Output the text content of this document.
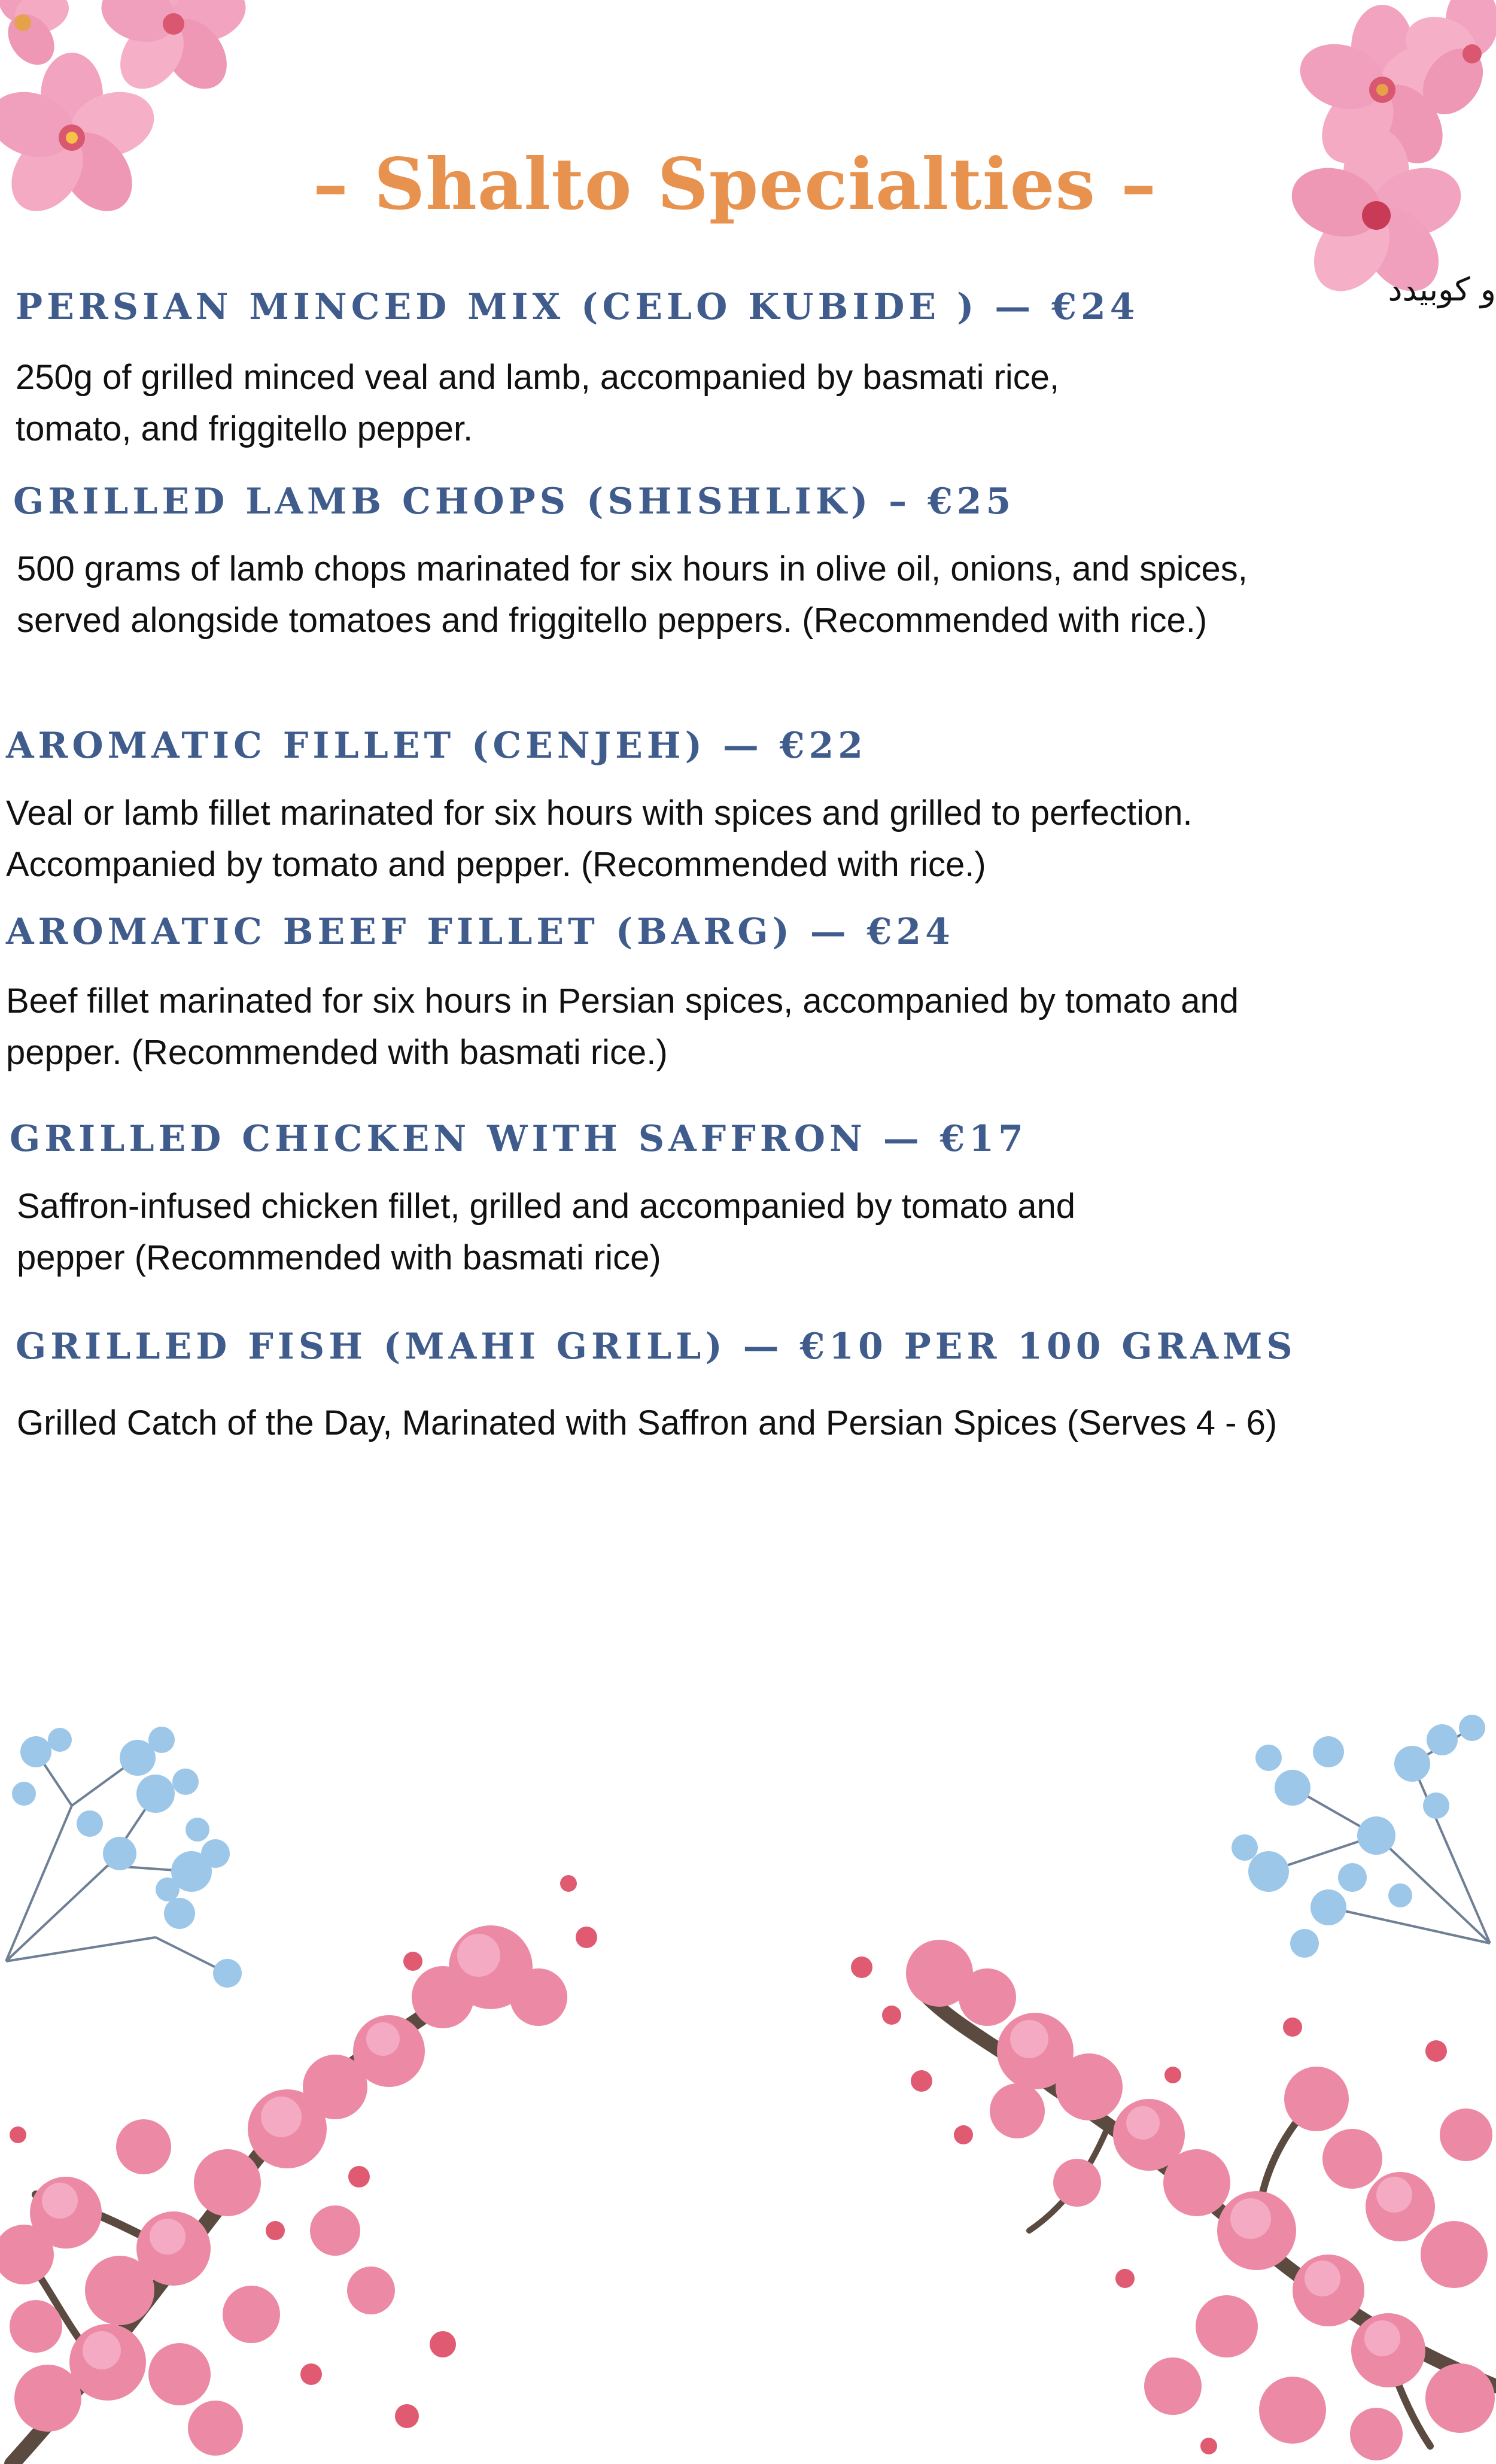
– Shalto Specialties –
و کوبیدد
PERSIAN MINCED MIX (CELO KUBIDE ) — €24
250g of grilled minced veal and lamb, accompanied by basmati rice, tomato, and friggitello pepper.
GRILLED LAMB CHOPS (SHISHLIK) – €25
500 grams of lamb chops marinated for six hours in olive oil, onions, and spices, served alongside tomatoes and friggitello peppers. (Recommended with rice.)
AROMATIC FILLET (CENJEH) — €22
Veal or lamb fillet marinated for six hours with spices and grilled to perfection. Accompanied by tomato and pepper. (Recommended with rice.)
AROMATIC BEEF FILLET (BARG) — €24
Beef fillet marinated for six hours in Persian spices, accompanied by tomato and pepper. (Recommended with basmati rice.)
GRILLED CHICKEN WITH SAFFRON — €17
Saffron-infused chicken fillet, grilled and accompanied by tomato and pepper (Recommended with basmati rice)
GRILLED FISH (MAHI GRILL) — €10 PER 100 GRAMS
Grilled Catch of the Day, Marinated with Saffron and Persian Spices (Serves 4 - 6)
